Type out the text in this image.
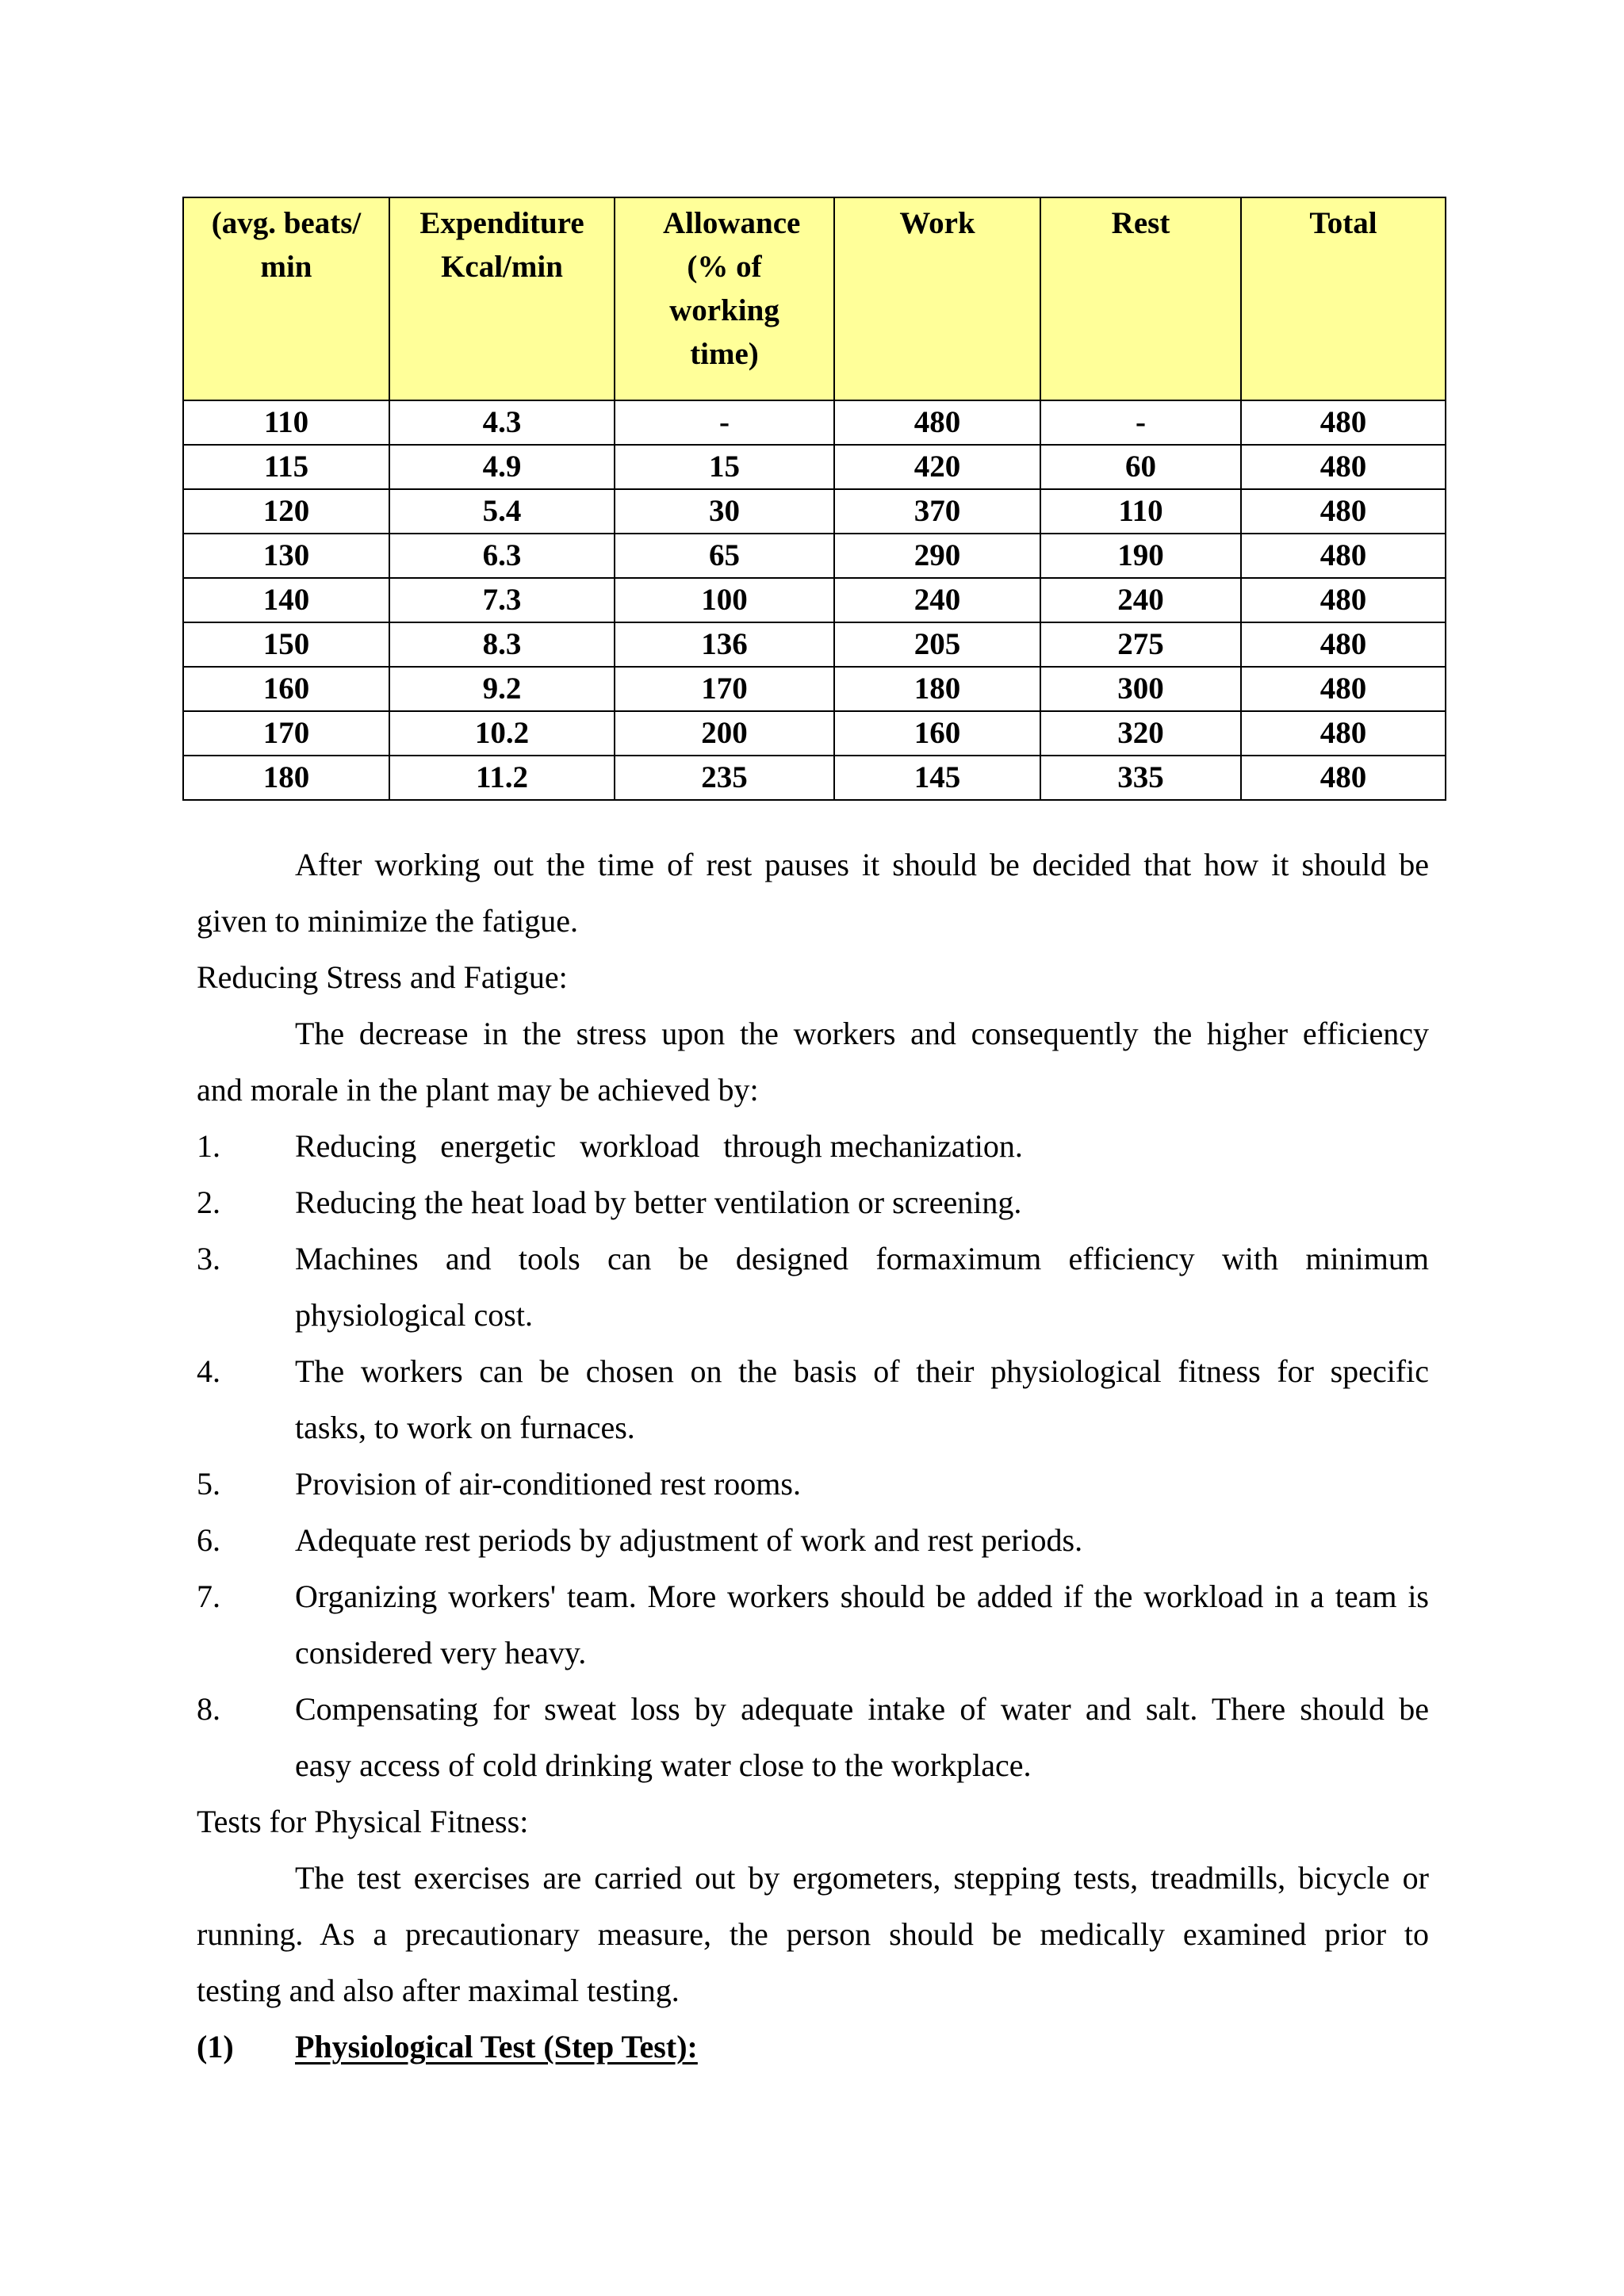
(avg. beats/ min	Expenditure Kcal/min	Allowance (% of working time)	Work	Rest	Total
110	4.3	-	480	-	480
115	4.9	15	420	60	480
120	5.4	30	370	110	480
130	6.3	65	290	190	480
140	7.3	100	240	240	480
150	8.3	136	205	275	480
160	9.2	170	180	300	480
170	10.2	200	160	320	480
180	11.2	235	145	335	480
After working out the time of rest pauses it should be decided that how it should be
given to minimize the fatigue.
Reducing Stress and Fatigue:
The decrease in the stress upon the workers and consequently the higher efficiency
and morale in the plant may be achieved by:
1. Reducing   energetic   workload   through mechanization.
2. Reducing the heat load by better ventilation or screening.
3. Machines and tools can be designed formaximum efficiency with minimum
physiological cost.
4. The workers can be chosen on the basis of their physiological fitness for specific
tasks, to work on furnaces.
5. Provision of air-conditioned rest rooms.
6. Adequate rest periods by adjustment of work and rest periods.
7. Organizing workers' team. More workers should be added if the workload in a team is
considered very heavy.
8. Compensating for sweat loss by adequate intake of water and salt. There should be
easy access of cold drinking water close to the workplace.
Tests for Physical Fitness:
The test exercises are carried out by ergometers, stepping tests, treadmills, bicycle or
running. As a precautionary measure, the person should be medically examined prior to
testing and also after maximal testing.
(1) Physiological Test (Step Test):
